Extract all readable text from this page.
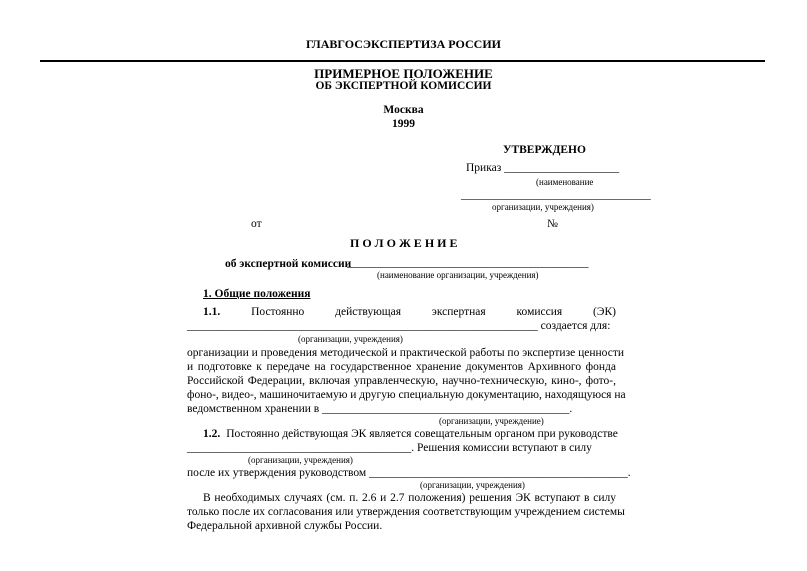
ГЛАВГОСЭКСПЕРТИЗА РОССИИ
ПРИМЕРНОЕ ПОЛОЖЕНИЕ
ОБ ЭКСПЕРТНОЙ КОМИССИИ
Москва
1999
УТВЕРЖДЕНО
Приказ ____________________
(наименование
_________________________________
организации, учреждения)
от	№
П О Л О Ж Е Н И Е
об экспертной комиссии
__________________________________________
(наименование организации, учреждения)
1. Общие положения
1.1.	Постоянно	действующая	экспертная	комиссия	(ЭК)
_____________________________________________________________ создается для:
(организации, учреждения)
организации и проведения методической и практической работы по экспертизе ценности
и подготовке к передаче на государственное хранение документов Архивного фонда
Российской Федерации, включая управленческую, научно-техническую, кино-, фото-,
фоно-, видео-, машиночитаемую и другую специальную документацию, находящуюся на
ведомственном хранении в ___________________________________________.
(организации, учреждение)
1.2. Постоянно действующая ЭК является совещательным органом при руководстве
_______________________________________. Решения комиссии вступают в силу
(организации, учреждения)
после их утверждения руководством _____________________________________________.
(организации, учреждения)
В необходимых случаях (см. п. 2.6 и 2.7 положения) решения ЭК вступают в силу
только после их согласования или утверждения соответствующим учреждением системы
Федеральной архивной службы России.
